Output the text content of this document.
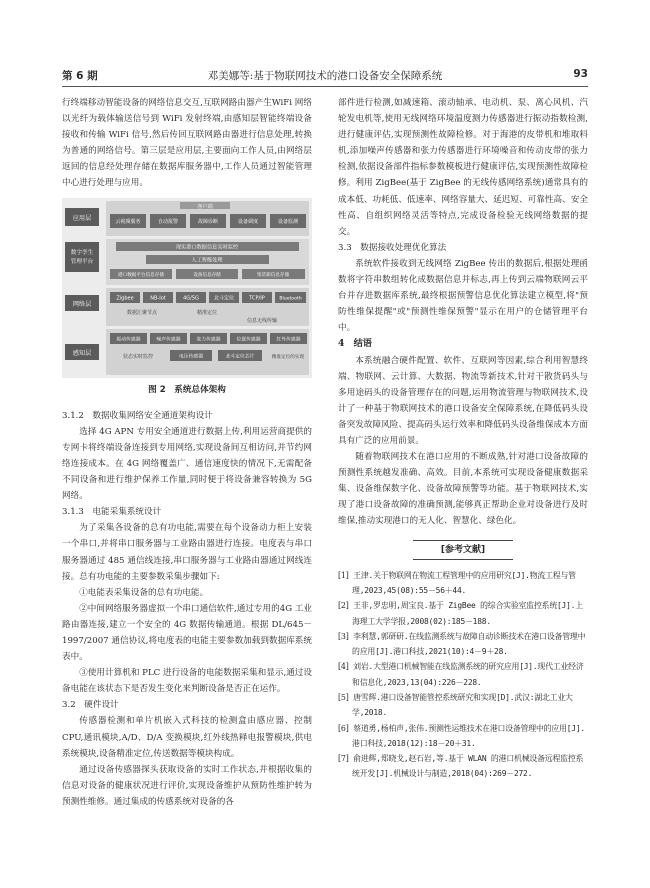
第 6 期	邓美娜等:基于物联网技术的港口设备安全保障系统	93

行终端移动智能设备的网络信息交互,互联网路由器产生WiFi 网络以光纤为载体输送信号到 WiFi 发射终端,由感知层智能终端设备接收和传输 WiFi 信号,然后传回互联网路由器进行信息处理,转换为普通的网络信号。第三层是应用层,主要面向工作人员,由网络层返回的信息经处理存储在数据库服务器中,工作人员通过智能管理中心进行处理与应用。

应用层
数字孪生
管理平台
网络层
感知层
客户端
云视频服务	自动报警	故障诊断	设备调度	设备监测
现实港口数据信息实时监控
人工智能处理
港口数据平台信息存储	设备信息存储	集装箱信息存储
Zigbee	NB-Iot	4G/5G	北斗定位	TCP/IP	Bluetooth
数据汇聚节点	精准定位
信息无线传输
振动传感器	噪声传感器	张力传感器	位置传感器	红外传感器
电压传感器	北斗定位芯片
状态实时监控	精准定位的实现
图 2　系统总体架构

3.1.2　数据收集网络安全通道架构设计

选择 4G APN 专用安全通道进行数据上传,利用运营商提供的专网卡将终端设备连接到专用网络,实现设备间互相访问,并节约网络连接成本。在 4G 网络覆盖广、通信速度快的情况下,无需配备不同设备和进行维护保养工作量,同时便于将设备兼容转换为 5G 网络。

3.1.3　电能采集系统设计

为了采集各设备的总有功电能,需要在每个设备动力柜上安装一个串口,并将串口服务器与工业路由器进行连接。电度表与串口服务器通过 485 通信线连接,串口服务器与工业路由器通过网线连接。总有功电能的主要参数采集步骤如下:

①电能表采集设备的总有功电能。

②中间网络服务器虚拟一个串口通信软件,通过专用的4G 工业路由器连接,建立一个安全的 4G 数据传输通道。根据 DL/645－1997/2007 通信协议,将电度表的电能主要参数加载到数据库系统表中。

③使用计算机和 PLC 进行设备的电能数据采集和显示,通过设备电能在该状态下是否发生变化来判断设备是否正在运作。

3.2　硬件设计

传感器检测和单片机嵌入式科技的检测盒由感应器、控制 CPU,通讯模块,A/D、D/A 变换模块,红外线热释电报警模块,供电系统模块,设备精准定位,传送数据等模块构成。

通过设备传感器探头获取设备的实时工作状态,并根据收集的信息对设备的健康状况进行评价,实现设备维护从预防性维护转为预测性维修。通过集成的传感系统对设备的各

部件进行检测,如减速箱、滚动轴承、电动机、泵、离心风机、汽轮发电机等,使用无线网络环境温度测力传感器进行振动指数检测,进行健康评估,实现预测性故障检修。对于海港的皮带机和堆取料机,添加噪声传感器和张力传感器进行环境噪音和传动皮带的张力检测,依据设备部件指标参数模板进行健康评估,实现预测性故障检修。利用 ZigBee(基于 ZigBee 的无线传感网络系统)通常具有的成本低、功耗低、低速率、网络容量大、延迟短、可靠性高、安全性高、自组织网络灵活等特点,完成设备检验无线网络数据的提交。

3.3　数据接收处理优化算法

系统软件接收到无线网络 ZigBee 传出的数据后,根据处理函数将字符串数组转化成数据信息并标志,再上传到云端物联网云平台并存进数据库系统,最终根据预警信息优化算法建立模型,将"预防性维保提醒"或"预测性维保预警"显示在用户的仓储管理平台中。

4　结语

本系统融合硬件配置、软件、互联网等因素,综合利用智慧终端、物联网、云计算、大数据、物流等新技术,针对干散货码头与多用途码头的设备管理存在的问题,运用物流管理与物联网技术,设计了一种基于物联网技术的港口设备安全保障系统,在降低码头设备突发故障风险、提高码头运行效率和降低码头设备维保成本方面具有广泛的应用前景。

随着物联网技术在港口应用的不断成熟,针对港口设备故障的预测性系统越发准确、高效。目前,本系统可实现设备健康数据采集、设备维保数字化、设备故障预警等功能。基于物联网技术,实现了港口设备故障的准确预测,能够真正帮助企业对设备进行及时维保,推动实现港口的无人化、智慧化、绿色化。

[参考文献]

[1] 王津.关于物联网在物流工程管理中的应用研究[J].物流工程与管理,2023,45(08):55－56＋44.

[2] 王非,罗忠明,周宝良.基于 ZigBee 的综合实验室监控系统[J].上海理工大学学报,2008(02):185－188.

[3] 李利慧,郭研研.在线监测系统与故障自动诊断技术在港口设备管理中的应用[J].港口科技,2021(10):4－9＋28.

[4] 刘岩.大型港口机械智能在线监测系统的研究应用[J].现代工业经济和信息化,2023,13(04):226－228.

[5] 唐雪辉.港口设备智能管控系统研究和实现[D].武汉:湖北工业大学,2018.

[6] 蔡道勇,杨柏声,张伟.预测性运维技术在港口设备管理中的应用[J].港口科技,2018(12):18－20＋31.

[7] 俞进辉,郑晓戈,赵石岩,等.基于 WLAN 的港口机械设备远程监控系统开发[J].机械设计与制造,2018(04):269－272.
